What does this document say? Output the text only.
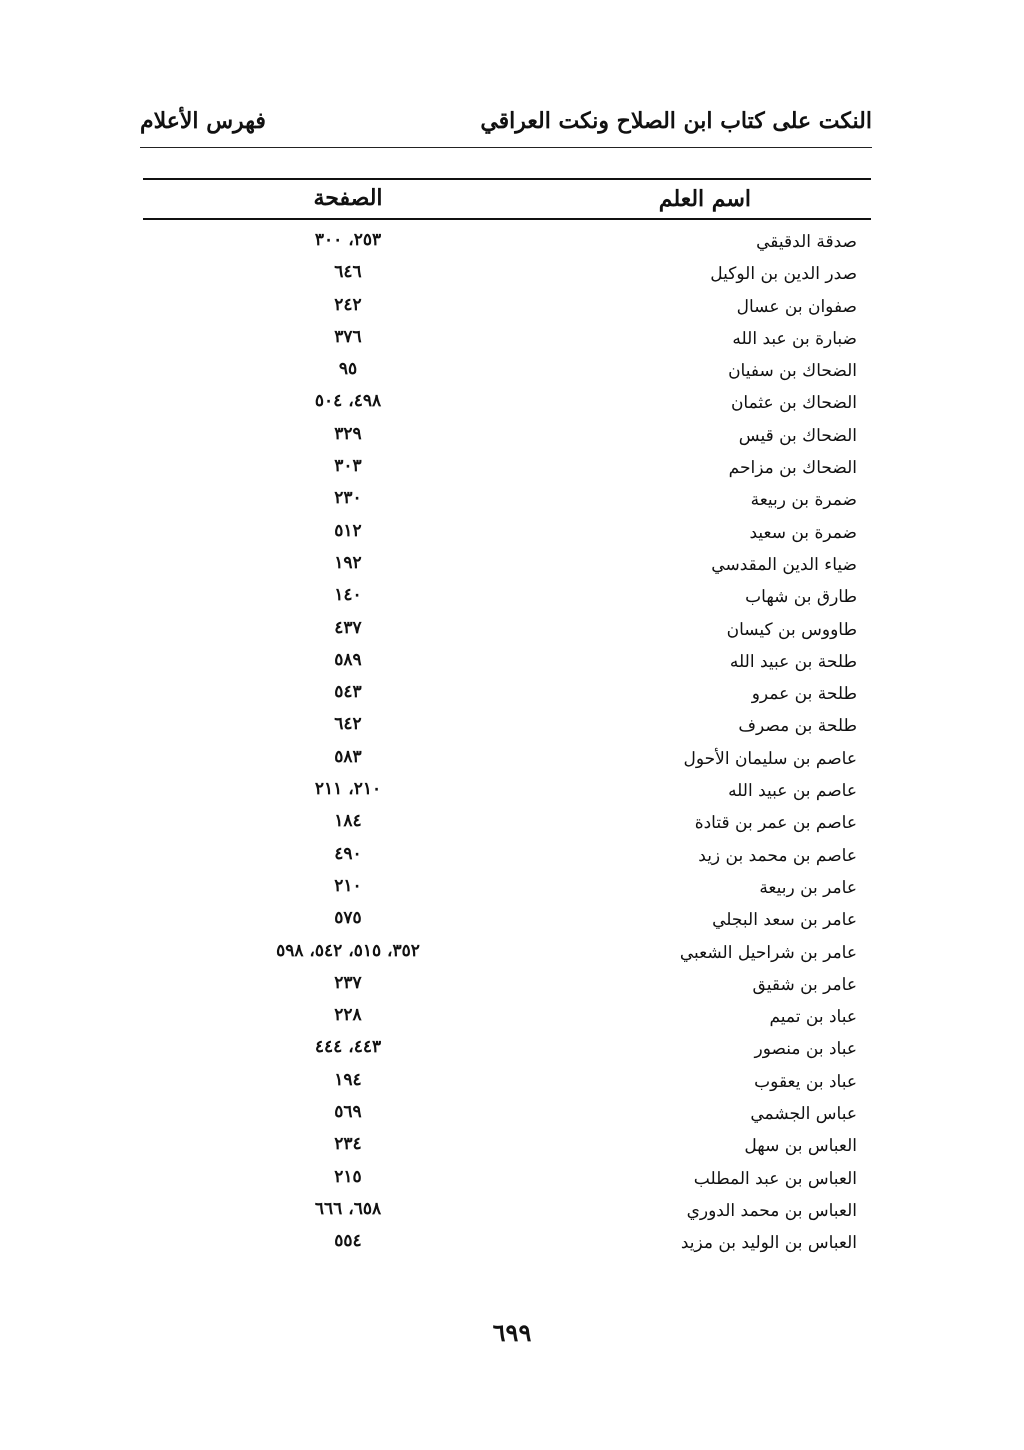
النكت على كتاب ابن الصلاح ونكت العراقي
فهرس الأعلام
اسم العلم
الصفحة
صدقة الدقيقي
٢٥٣، ٣٠٠
صدر الدين بن الوكيل
٦٤٦
صفوان بن عسال
٢٤٢
ضبارة بن عبد الله
٣٧٦
الضحاك بن سفيان
٩٥
الضحاك بن عثمان
٤٩٨، ٥٠٤
الضحاك بن قيس
٣٢٩
الضحاك بن مزاحم
٣٠٣
ضمرة بن ربيعة
٢٣٠
ضمرة بن سعيد
٥١٢
ضياء الدين المقدسي
١٩٢
طارق بن شهاب
١٤٠
طاووس بن كيسان
٤٣٧
طلحة بن عبيد الله
٥٨٩
طلحة بن عمرو
٥٤٣
طلحة بن مصرف
٦٤٢
عاصم بن سليمان الأحول
٥٨٣
عاصم بن عبيد الله
٢١٠، ٢١١
عاصم بن عمر بن قتادة
١٨٤
عاصم بن محمد بن زيد
٤٩٠
عامر بن ربيعة
٢١٠
عامر بن سعد البجلي
٥٧٥
عامر بن شراحيل الشعبي
٣٥٢، ٥١٥، ٥٤٢، ٥٩٨
عامر بن شقيق
٢٣٧
عباد بن تميم
٢٢٨
عباد بن منصور
٤٤٣، ٤٤٤
عباد بن يعقوب
١٩٤
عباس الجشمي
٥٦٩
العباس بن سهل
٢٣٤
العباس بن عبد المطلب
٢١٥
العباس بن محمد الدوري
٦٥٨، ٦٦٦
العباس بن الوليد بن مزيد
٥٥٤
٦٩٩
